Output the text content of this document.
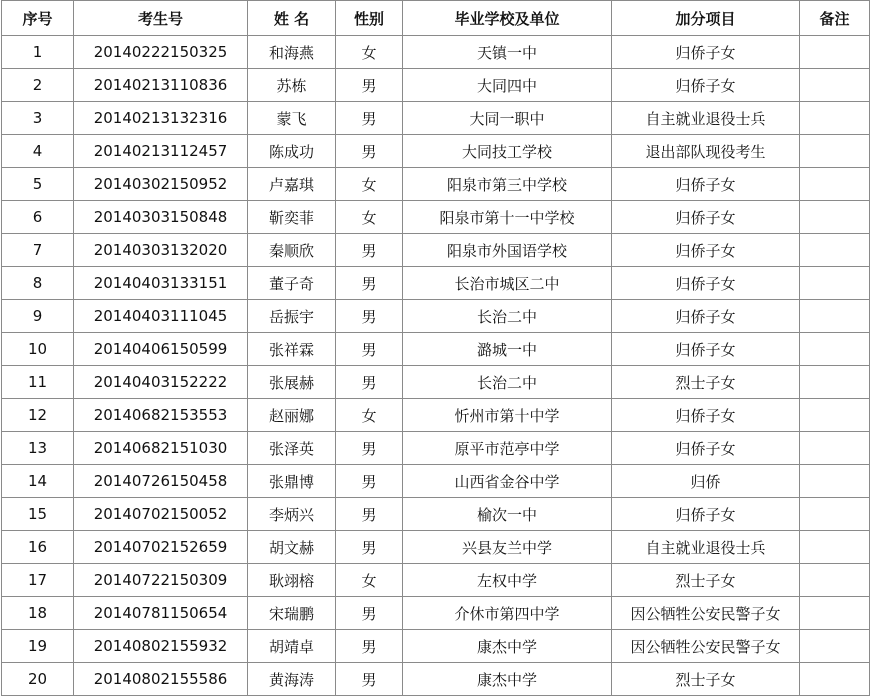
序号	考生号	姓 名	性别	毕业学校及单位	加分项目	备注
1	20140222150325	和海燕	女	天镇一中	归侨子女	
2	20140213110836	苏栋	男	大同四中	归侨子女	
3	20140213132316	蒙飞	男	大同一职中	自主就业退役士兵	
4	20140213112457	陈成功	男	大同技工学校	退出部队现役考生	
5	20140302150952	卢嘉琪	女	阳泉市第三中学校	归侨子女	
6	20140303150848	靳奕菲	女	阳泉市第十一中学校	归侨子女	
7	20140303132020	秦顺欣	男	阳泉市外国语学校	归侨子女	
8	20140403133151	董子奇	男	长治市城区二中	归侨子女	
9	20140403111045	岳振宇	男	长治二中	归侨子女	
10	20140406150599	张祥霖	男	潞城一中	归侨子女	
11	20140403152222	张展赫	男	长治二中	烈士子女	
12	20140682153553	赵丽娜	女	忻州市第十中学	归侨子女	
13	20140682151030	张泽英	男	原平市范亭中学	归侨子女	
14	20140726150458	张鼎博	男	山西省金谷中学	归侨	
15	20140702150052	李炳兴	男	榆次一中	归侨子女	
16	20140702152659	胡文赫	男	兴县友兰中学	自主就业退役士兵	
17	20140722150309	耿翊榕	女	左权中学	烈士子女	
18	20140781150654	宋瑞鹏	男	介休市第四中学	因公牺牲公安民警子女	
19	20140802155932	胡靖卓	男	康杰中学	因公牺牲公安民警子女	
20	20140802155586	黄海涛	男	康杰中学	烈士子女	
